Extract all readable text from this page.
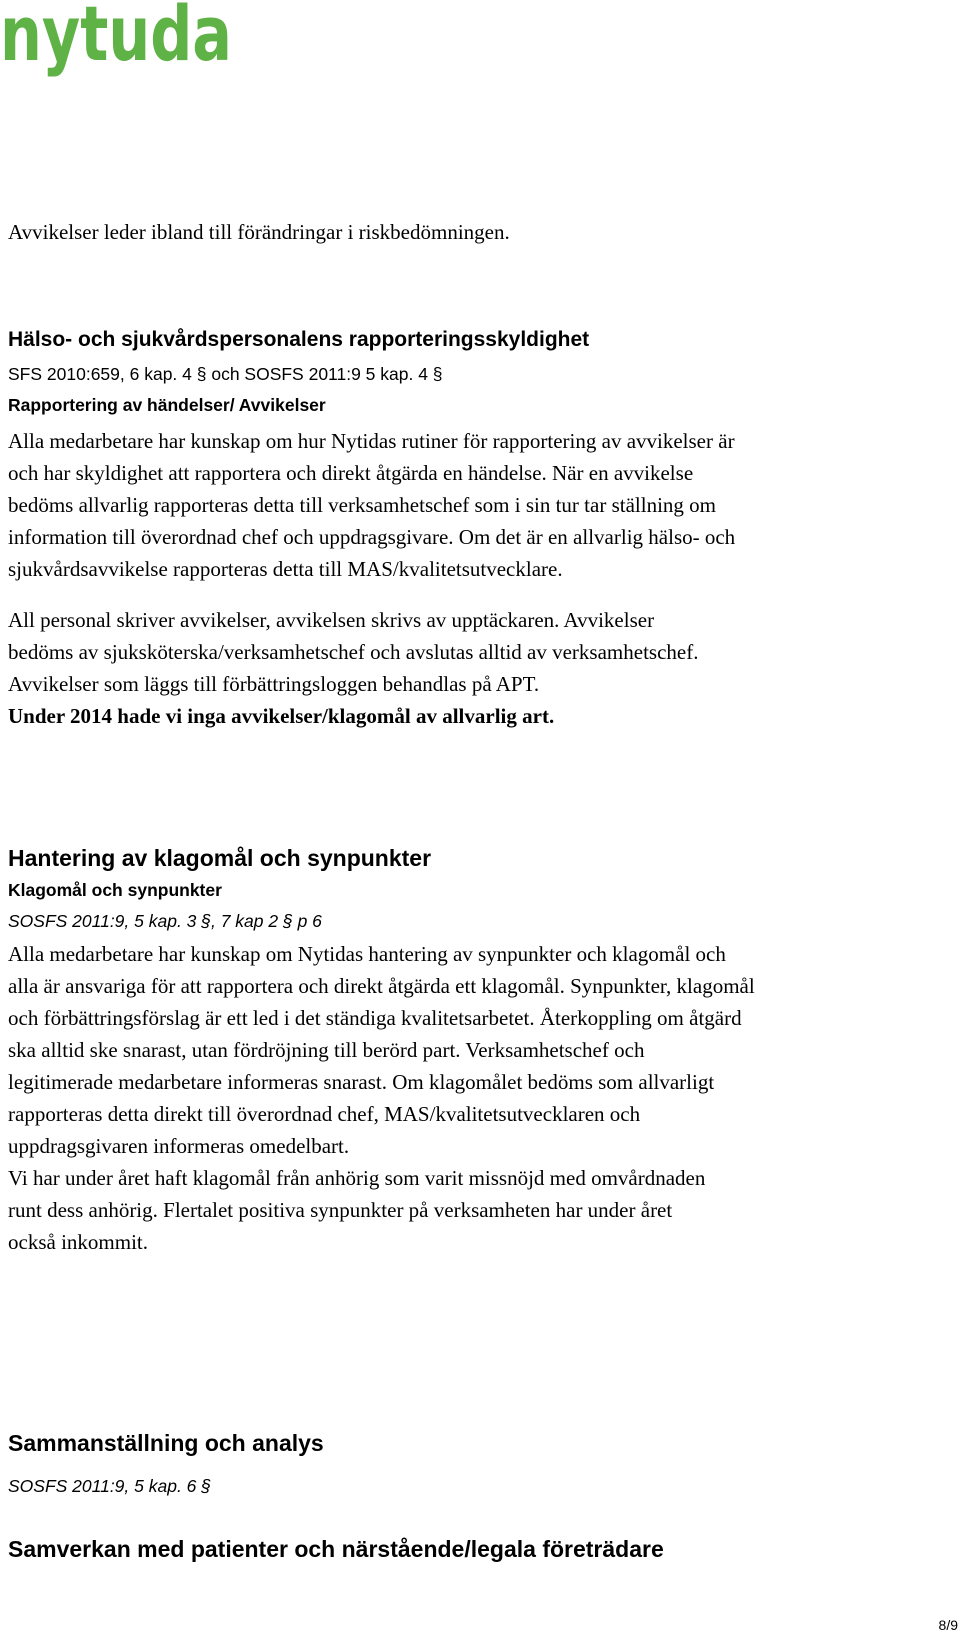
nytuda
Avvikelser leder ibland till förändringar i riskbedömningen.
Hälso- och sjukvårdspersonalens rapporteringsskyldighet
SFS 2010:659, 6 kap. 4 § och SOSFS 2011:9 5 kap. 4 §
Rapportering av händelser/ Avvikelser
Alla medarbetare har kunskap om hur Nytidas rutiner för rapportering av avvikelser är
och har skyldighet att rapportera och direkt åtgärda en händelse. När en avvikelse
bedöms allvarlig rapporteras detta till verksamhetschef som i sin tur tar ställning om
information till överordnad chef och uppdragsgivare. Om det är en allvarlig hälso- och
sjukvårdsavvikelse rapporteras detta till MAS/kvalitetsutvecklare.
All personal skriver avvikelser, avvikelsen skrivs av upptäckaren. Avvikelser
bedöms av sjuksköterska/verksamhetschef och avslutas alltid av verksamhetschef.
Avvikelser som läggs till förbättringsloggen behandlas på APT.
Under 2014 hade vi inga avvikelser/klagomål av allvarlig art.
Hantering av klagomål och synpunkter
Klagomål och synpunkter
SOSFS 2011:9, 5 kap. 3 §, 7 kap 2 § p 6
Alla medarbetare har kunskap om Nytidas hantering av synpunkter och klagomål och
alla är ansvariga för att rapportera och direkt åtgärda ett klagomål. Synpunkter, klagomål
och förbättringsförslag är ett led i det ständiga kvalitetsarbetet. Återkoppling om åtgärd
ska alltid ske snarast, utan fördröjning till berörd part. Verksamhetschef och
legitimerade medarbetare informeras snarast. Om klagomålet bedöms som allvarligt
rapporteras detta direkt till överordnad chef, MAS/kvalitetsutvecklaren och
uppdragsgivaren informeras omedelbart.
Vi har under året haft klagomål från anhörig som varit missnöjd med omvårdnaden
runt dess anhörig. Flertalet positiva synpunkter på verksamheten har under året
också inkommit.
Sammanställning och analys
SOSFS 2011:9, 5 kap. 6 §
Samverkan med patienter och närstående/legala företrädare
8/9
